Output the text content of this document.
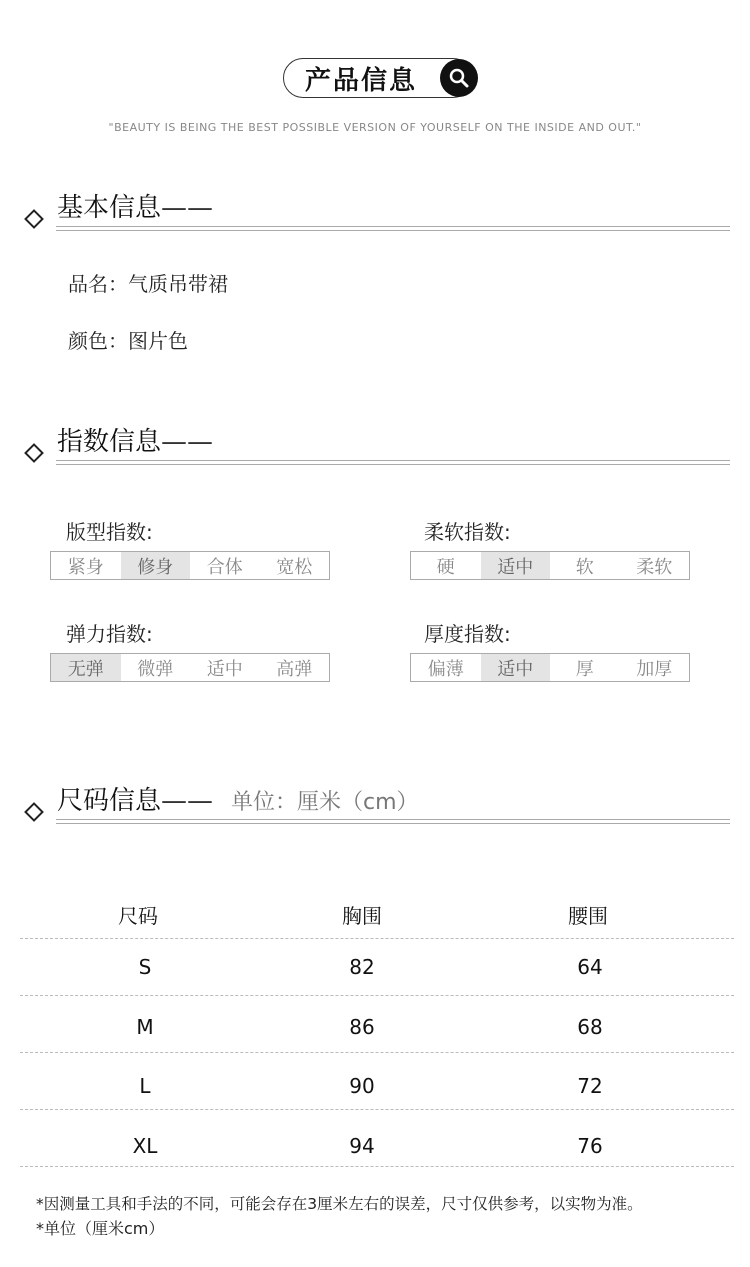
产品信息
"BEAUTY IS BEING THE BEST POSSIBLE VERSION OF YOURSELF ON THE INSIDE AND OUT."
基本信息 ——
品名：气质吊带裙
颜色：图片色
指数信息 ——
版型指数:
紧身	修身	合体	宽松
柔软指数:
硬	适中	软	柔软
弹力指数:
无弹	微弹	适中	高弹
厚度指数:
偏薄	适中	厚	加厚
尺码信息 —— 单位：厘米（cm）
尺码	胸围	腰围
S	82	64
M	86	68
L	90	72
XL	94	76
*因测量工具和手法的不同，可能会存在3厘米左右的误差，尺寸仅供参考，以实物为准。
*单位（厘米cm）
